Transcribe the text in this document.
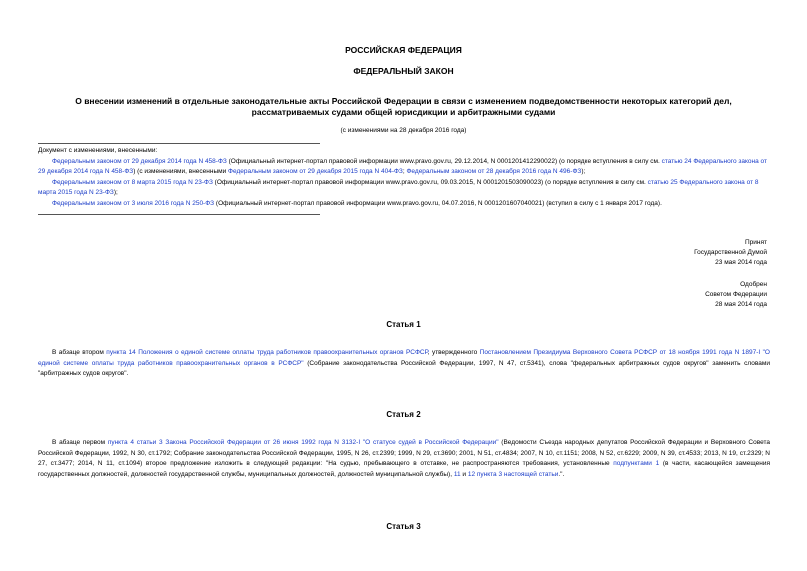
РОССИЙСКАЯ ФЕДЕРАЦИЯ
ФЕДЕРАЛЬНЫЙ ЗАКОН
О внесении изменений в отдельные законодательные акты Российской Федерации в связи с изменением подведомственности некоторых категорий дел,
рассматриваемых судами общей юрисдикции и арбитражными судами
(с изменениями на 28 декабря 2016 года)

Документ с изменениями, внесенными:

Федеральным законом от 29 декабря 2014 года N 458-ФЗ (Официальный интернет-портал правовой информации www.pravo.gov.ru, 29.12.2014, N 0001201412290022) (о порядке вступления в силу см. статью 24 Федерального закона от 29 декабря 2014 года N 458-ФЗ) (с изменениями, внесенными Федеральным законом от 29 декабря 2015 года N 404-ФЗ; Федеральным законом от 28 декабря 2016 года N 496-ФЗ);

Федеральным законом от 8 марта 2015 года N 23-ФЗ (Официальный интернет-портал правовой информации www.pravo.gov.ru, 09.03.2015, N 0001201503090023) (о порядке вступления в силу см. статью 25 Федерального закона от 8 марта 2015 года N 23-ФЗ);

Федеральным законом от 3 июля 2016 года N 250-ФЗ (Официальный интернет-портал правовой информации www.pravo.gov.ru, 04.07.2016, N 0001201607040021) (вступил в силу с 1 января 2017 года).

Принят
Государственной Думой
23 мая 2014 года
Одобрен
Советом Федерации
28 мая 2014 года
Статья 1

В абзаце втором пункта 14 Положения о единой системе оплаты труда работников правоохранительных органов РСФСР, утвержденного Постановлением Президиума Верховного Совета РСФСР от 18 ноября 1991 года N 1897-I "О единой системе оплаты труда работников правоохранительных органов в РСФСР" (Собрание законодательства Российской Федерации, 1997, N 47, ст.5341), слова "федеральных арбитражных судов округов" заменить словами "арбитражных судов округов".

Статья 2

В абзаце первом пункта 4 статьи 3 Закона Российской Федерации от 26 июня 1992 года N 3132-I "О статусе судей в Российской Федерации" (Ведомости Съезда народных депутатов Российской Федерации и Верховного Совета Российской Федерации, 1992, N 30, ст.1792; Собрание законодательства Российской Федерации, 1995, N 26, ст.2399; 1999, N 29, ст.3690; 2001, N 51, ст.4834; 2007, N 10, ст.1151; 2008, N 52, ст.6229; 2009, N 39, ст.4533; 2013, N 19, ст.2329; N 27, ст.3477; 2014, N 11, ст.1094) второе предложение изложить в следующей редакции: "На судью, пребывающего в отставке, не распространяются требования, установленные подпунктами 1 (в части, касающейся замещения государственных должностей, должностей государственной службы, муниципальных должностей, должностей муниципальной службы), 11 и 12 пункта 3 настоящей статьи.".

Статья 3
